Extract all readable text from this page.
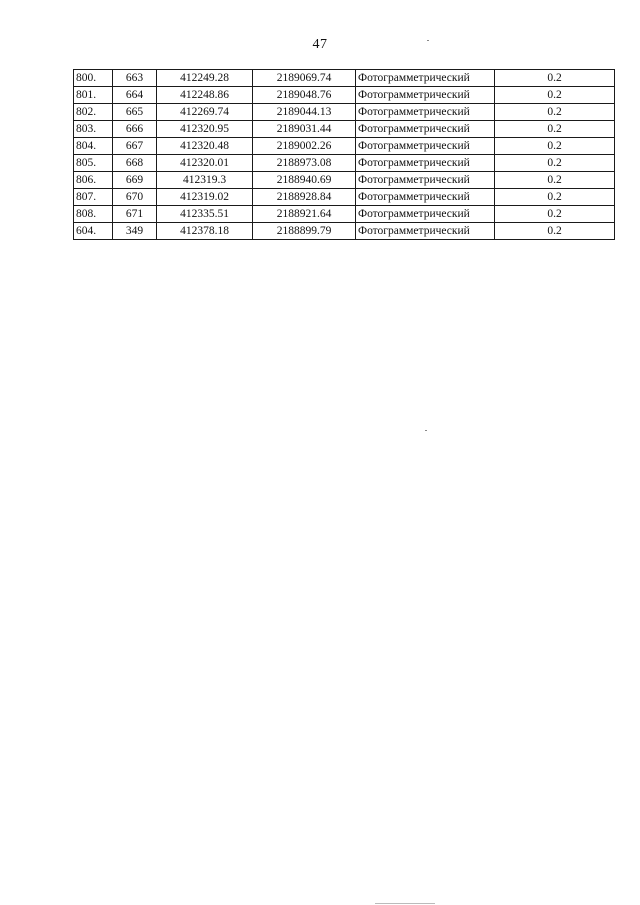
47
800.	663	412249.28	2189069.74	Фотограмметрический	0.2
801.	664	412248.86	2189048.76	Фотограмметрический	0.2
802.	665	412269.74	2189044.13	Фотограмметрический	0.2
803.	666	412320.95	2189031.44	Фотограмметрический	0.2
804.	667	412320.48	2189002.26	Фотограмметрический	0.2
805.	668	412320.01	2188973.08	Фотограмметрический	0.2
806.	669	412319.3	2188940.69	Фотограмметрический	0.2
807.	670	412319.02	2188928.84	Фотограмметрический	0.2
808.	671	412335.51	2188921.64	Фотограмметрический	0.2
604.	349	412378.18	2188899.79	Фотограмметрический	0.2
